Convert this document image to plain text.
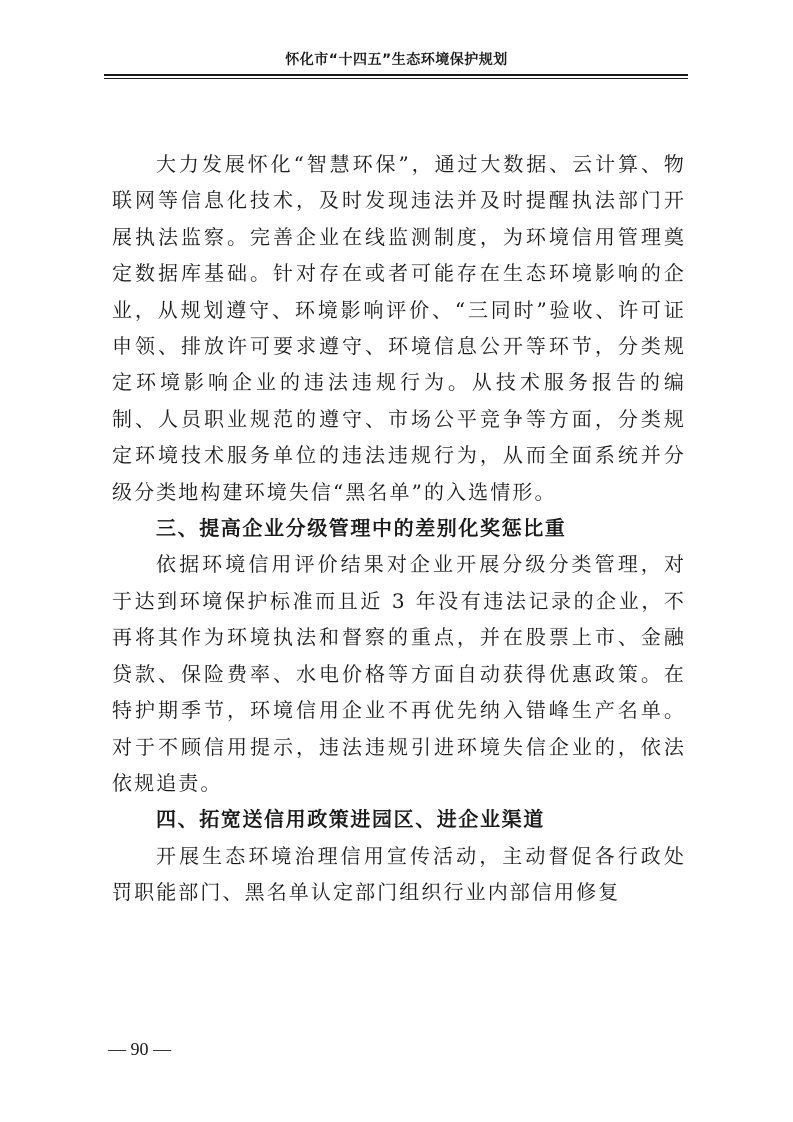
怀化市“十四五”生态环境保护规划

大力发展怀化“智慧环保”，通过大数据、云计算、物联网等信息化技术，及时发现违法并及时提醒执法部门开展执法监察。完善企业在线监测制度，为环境信用管理奠定数据库基础。针对存在或者可能存在生态环境影响的企业，从规划遵守、环境影响评价、“三同时”验收、许可证申领、排放许可要求遵守、环境信息公开等环节，分类规定环境影响企业的违法违规行为。从技术服务报告的编制、人员职业规范的遵守、市场公平竞争等方面，分类规定环境技术服务单位的违法违规行为，从而全面系统并分级分类地构建环境失信“黑名单”的入选情形。

三、提高企业分级管理中的差别化奖惩比重

依据环境信用评价结果对企业开展分级分类管理，对于达到环境保护标准而且近 3 年没有违法记录的企业，不再将其作为环境执法和督察的重点，并在股票上市、金融贷款、保险费率、水电价格等方面自动获得优惠政策。在特护期季节，环境信用企业不再优先纳入错峰生产名单。对于不顾信用提示，违法违规引进环境失信企业的，依法依规追责。

四、拓宽送信用政策进园区、进企业渠道

开展生态环境治理信用宣传活动，主动督促各行政处罚职能部门、黑名单认定部门组织行业内部信用修复

— 90 —
